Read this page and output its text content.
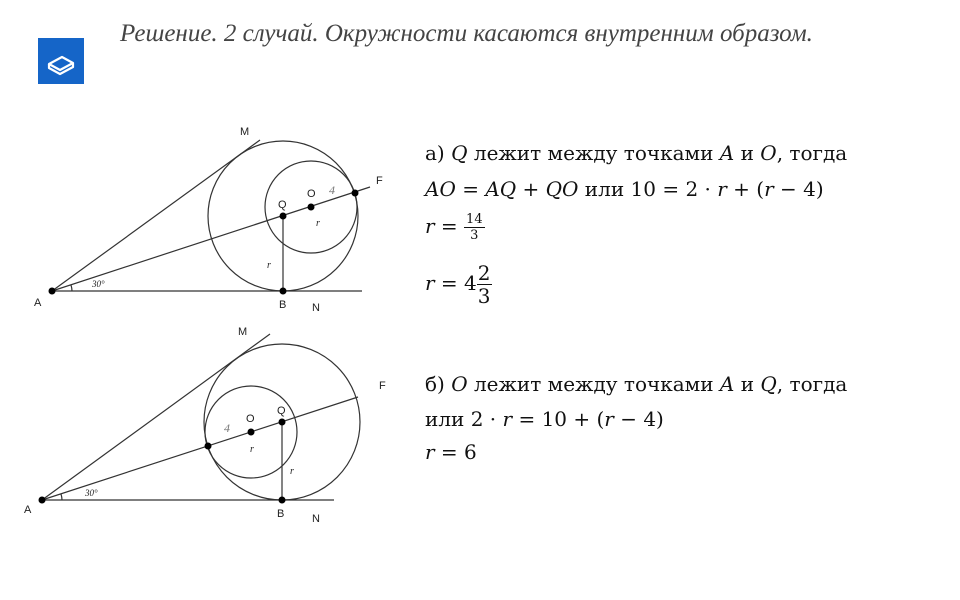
Решение. 2 случай. Окружности касаются внутренним образом.
A	B N
M
F
Q
O
30°
4
r
r
A	B	N
M
F
Q
O
30°
4
r
r

а) Q лежит между точками A и O, тогда

AO = AQ + QO или 10 = 2 · r + (r − 4)

$r = \frac{14}{3}$

$r = 4 \frac{2}{3}$

б) O лежит между точками A и Q, тогда

или 2 · r = 10 + (r − 4)

r = 6
